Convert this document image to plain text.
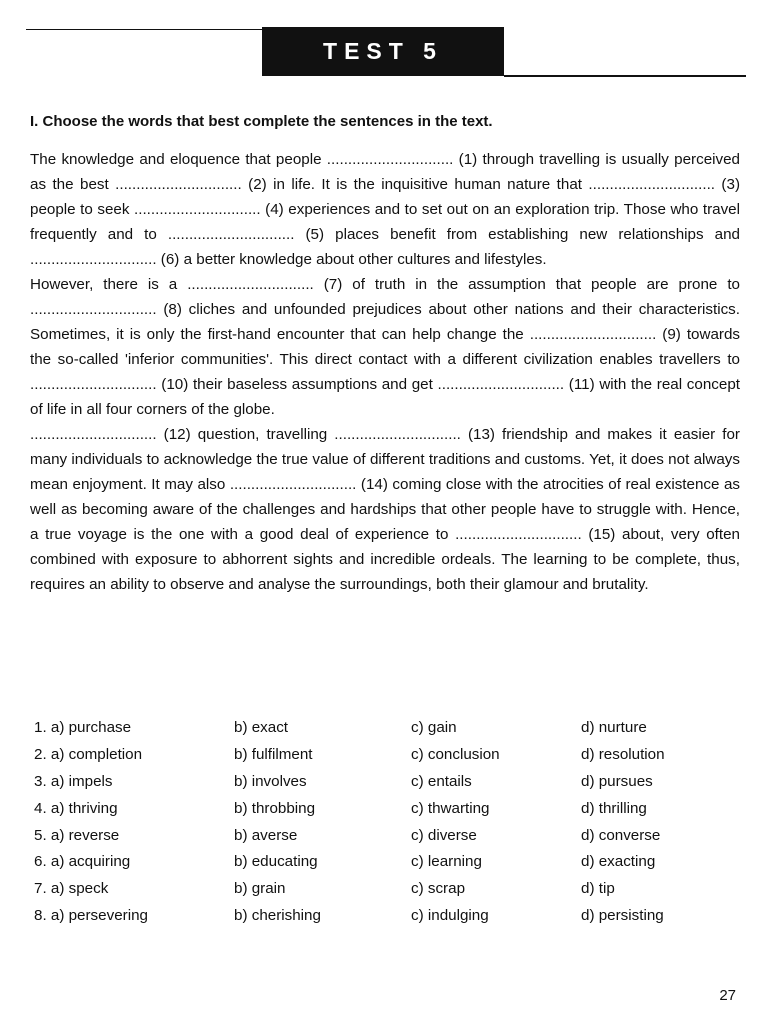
TEST 5
I. Choose the words that best complete the sentences in the text.

The knowledge and eloquence that people .............................. (1) through travelling is usually perceived as the best .............................. (2) in life. It is the inquisitive human nature that .............................. (3) people to seek .............................. (4) experiences and to set out on an exploration trip. Those who travel frequently and to .............................. (5) places benefit from establishing new relationships and .............................. (6) a better knowledge about other cultures and lifestyles.

However, there is a .............................. (7) of truth in the assumption that people are prone to .............................. (8) cliches and unfounded prejudices about other nations and their characteristics. Sometimes, it is only the first-hand encounter that can help change the .............................. (9) towards the so-called 'inferior communities'. This direct contact with a different civilization enables travellers to .............................. (10) their baseless assumptions and get .............................. (11) with the real concept of life in all four corners of the globe.

.............................. (12) question, travelling .............................. (13) friendship and makes it easier for many individuals to acknowledge the true value of different traditions and customs. Yet, it does not always mean enjoyment. It may also .............................. (14) coming close with the atrocities of real existence as well as becoming aware of the challenges and hardships that other people have to struggle with. Hence, a true voyage is the one with a good deal of experience to .............................. (15) about, very often combined with exposure to abhorrent sights and incredible ordeals. The learning to be complete, thus, requires an ability to observe and analyse the surroundings, both their glamour and brutality.

1. a) purchase	b) exact	c) gain	d) nurture
2. a) completion	b) fulfilment	c) conclusion	d) resolution
3. a) impels	b) involves	c) entails	d) pursues
4. a) thriving	b) throbbing	c) thwarting	d) thrilling
5. a) reverse	b) averse	c) diverse	d) converse
6. a) acquiring	b) educating	c) learning	d) exacting
7. a) speck	b) grain	c) scrap	d) tip
8. a) persevering	b) cherishing	c) indulging	d) persisting
27
